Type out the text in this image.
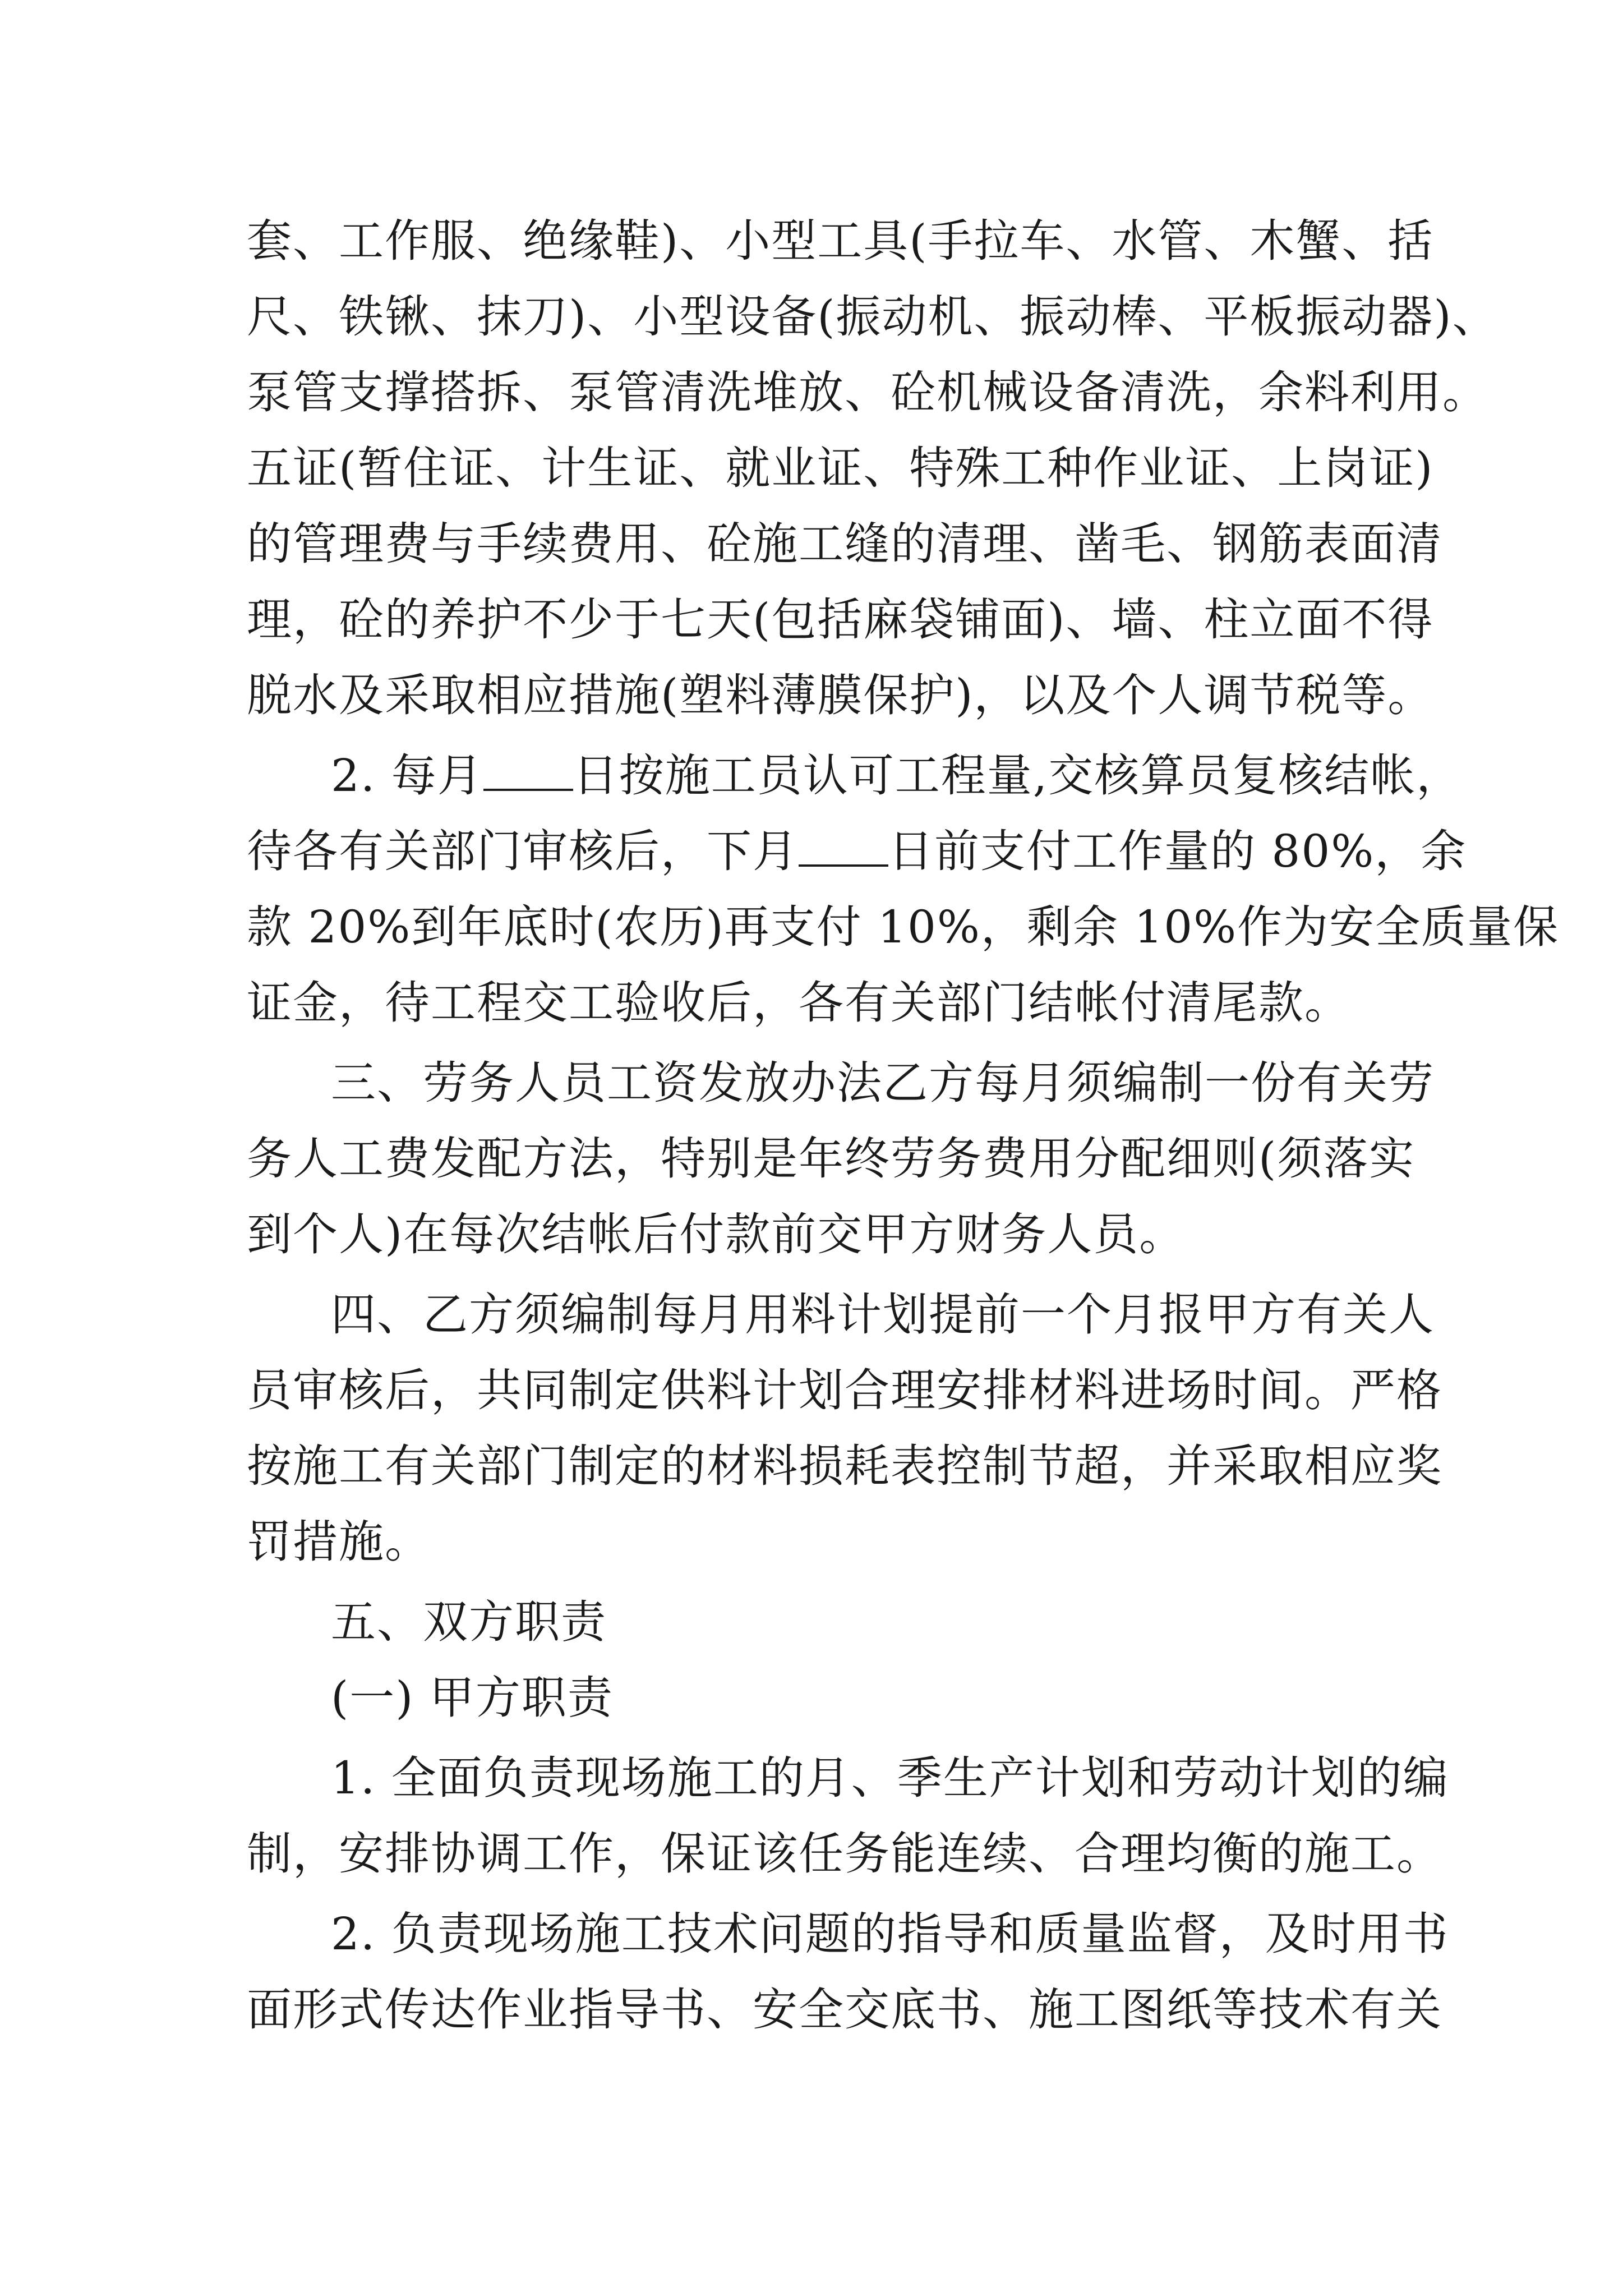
套、工作服、绝缘鞋)、小型工具(手拉车、水管、木蟹、括
尺、铁锹、抹刀)、小型设备(振动机、振动棒、平板振动器)、
泵管支撑搭拆、泵管清洗堆放、砼机械设备清洗，余料利用。
五证(暂住证、计生证、就业证、特殊工种作业证、上岗证)
的管理费与手续费用、砼施工缝的清理、凿毛、钢筋表面清
理，砼的养护不少于七天(包括麻袋铺面)、墙、柱立面不得
脱水及采取相应措施(塑料薄膜保护)，以及个人调节税等。
2. 每月 日按施工员认可工程量,交核算员复核结帐，
待各有关部门审核后，下月 日前支付工作量的 80%，余
款 20%到年底时(农历)再支付 10%，剩余 10%作为安全质量保
证金，待工程交工验收后，各有关部门结帐付清尾款。
三、劳务人员工资发放办法乙方每月须编制一份有关劳
务人工费发配方法，特别是年终劳务费用分配细则(须落实
到个人)在每次结帐后付款前交甲方财务人员。
四、乙方须编制每月用料计划提前一个月报甲方有关人
员审核后，共同制定供料计划合理安排材料进场时间。严格
按施工有关部门制定的材料损耗表控制节超，并采取相应奖
罚措施。
五、双方职责
(一) 甲方职责
1. 全面负责现场施工的月、季生产计划和劳动计划的编
制，安排协调工作，保证该任务能连续、合理均衡的施工。
2. 负责现场施工技术问题的指导和质量监督，及时用书
面形式传达作业指导书、安全交底书、施工图纸等技术有关
